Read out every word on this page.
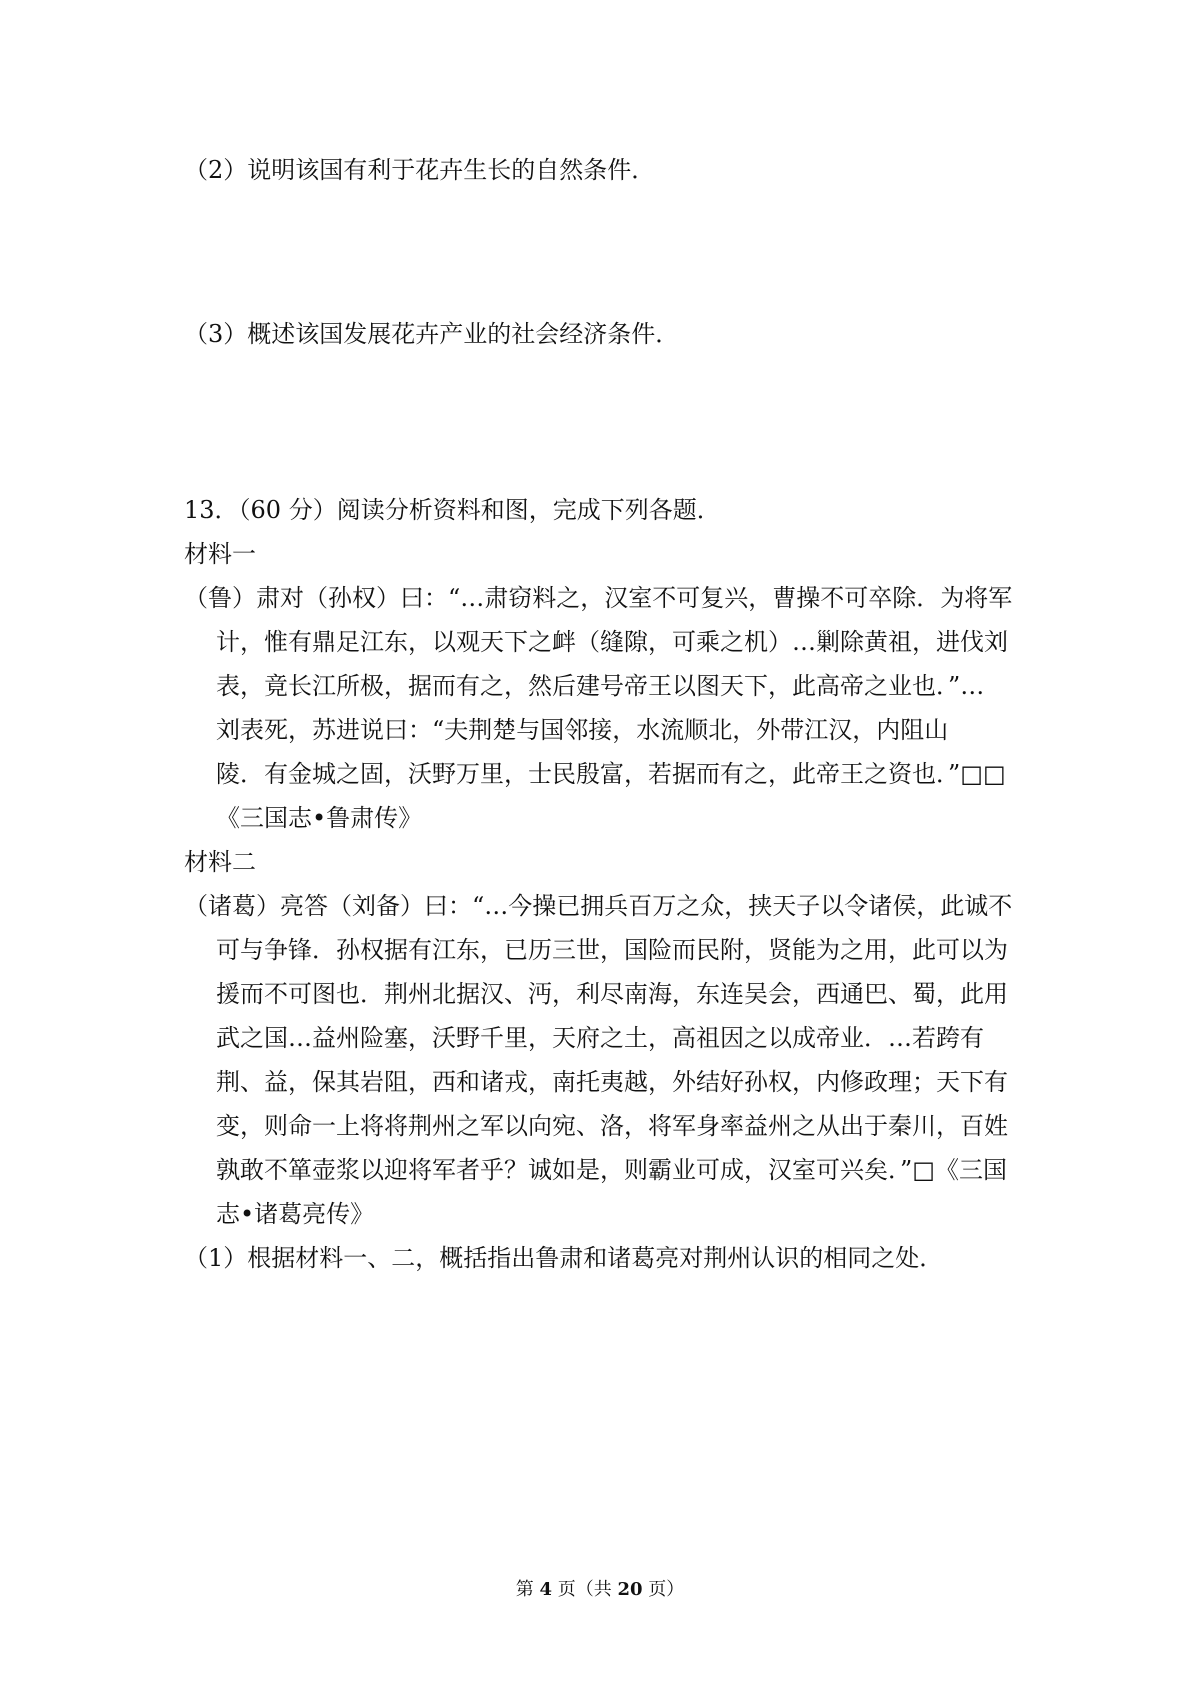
（2）说明该国有利于花卉生长的自然条件．

（3）概述该国发展花卉产业的社会经济条件．

13．（60 分）阅读分析资料和图，完成下列各题．

材料一

（鲁）肃对（孙权）曰：“…肃窃料之，汉室不可复兴，曹操不可卒除．为将军

计，惟有鼎足江东，以观天下之衅（缝隙，可乘之机）…剿除黄祖，进伐刘

表，竟长江所极，据而有之，然后建号帝王以图天下，此高帝之业也．”…

刘表死，苏进说曰：“夫荆楚与国邻接，水流顺北，外带江汉，内阻山

陵．有金城之固，沃野万里，士民殷富，若据而有之，此帝王之资也．”□□

《三国志•鲁肃传》

材料二

（诸葛）亮答（刘备）曰：“…今操已拥兵百万之众，挟天子以令诸侯，此诚不

可与争锋．孙权据有江东，已历三世，国险而民附，贤能为之用，此可以为

援而不可图也．荆州北据汉、沔，利尽南海，东连吴会，西通巴、蜀，此用

武之国…益州险塞，沃野千里，天府之土，高祖因之以成帝业．…若跨有

荆、益，保其岩阻，西和诸戎，南托夷越，外结好孙权，内修政理；天下有

变，则命一上将将荆州之军以向宛、洛，将军身率益州之从出于秦川，百姓

孰敢不箪壶浆以迎将军者乎？诚如是，则霸业可成，汉室可兴矣．”□《三国

志•诸葛亮传》

（1）根据材料一、二，概括指出鲁肃和诸葛亮对荆州认识的相同之处．

第 4 页（共 20 页）
